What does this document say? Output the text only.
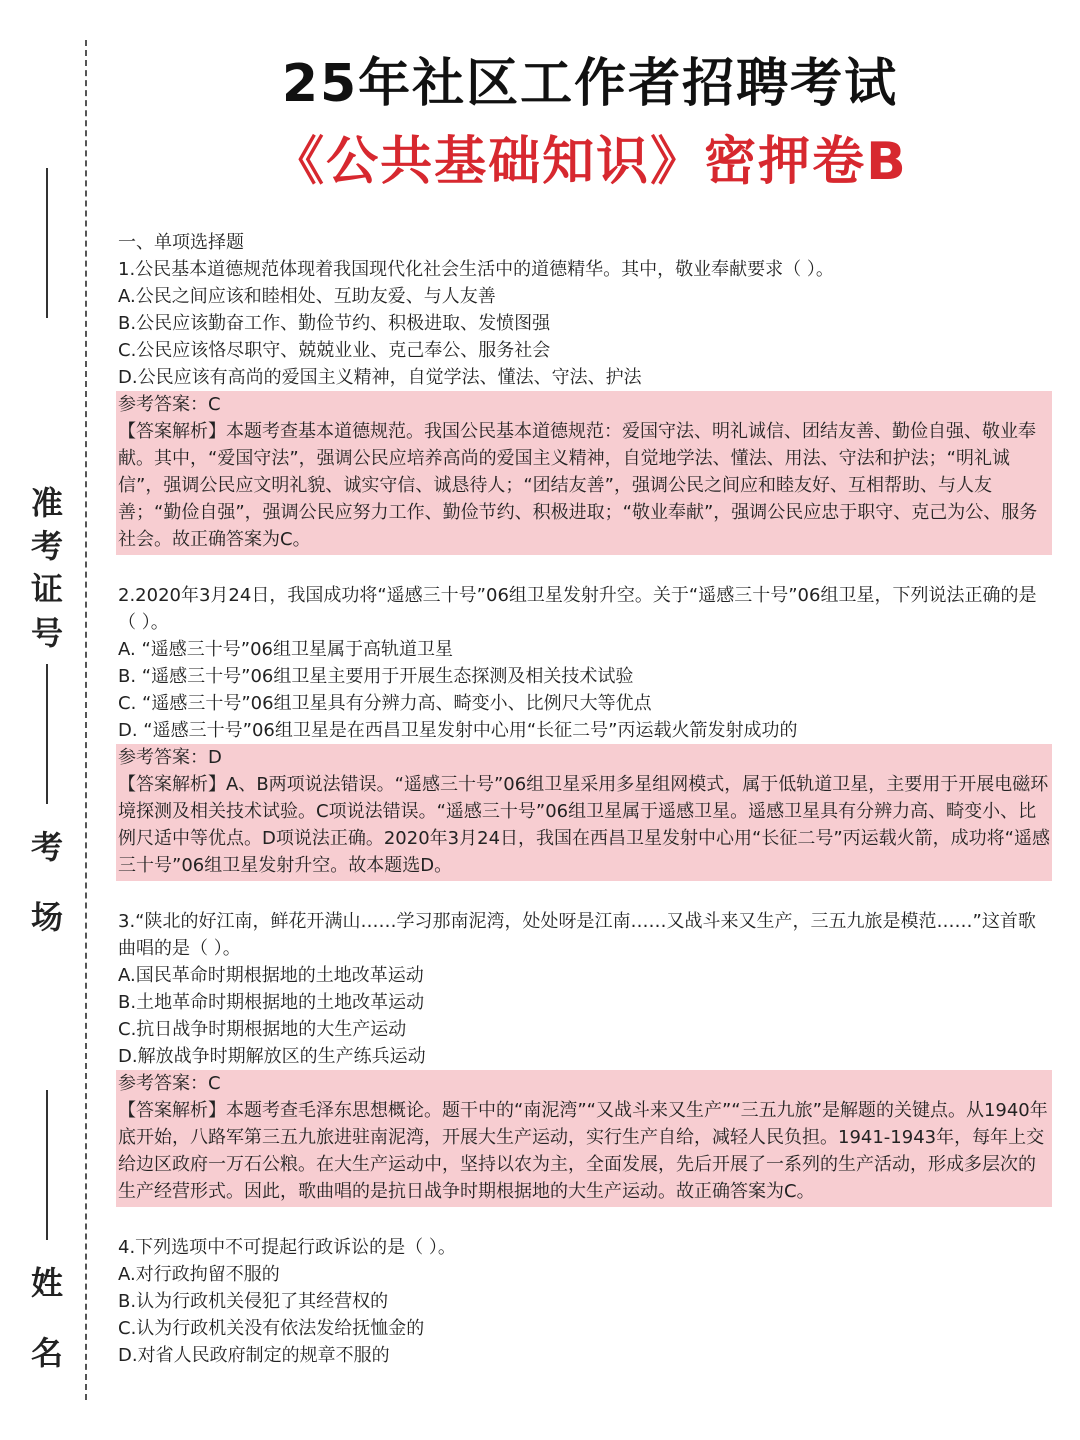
准考证号
考场
姓名
25年社区工作者招聘考试
《公共基础知识》密押卷B
一、单项选择题
1.公民基本道德规范体现着我国现代化社会生活中的道德精华。其中，敬业奉献要求（ ）。
A.公民之间应该和睦相处、互助友爱、与人友善
B.公民应该勤奋工作、勤俭节约、积极进取、发愤图强
C.公民应该恪尽职守、兢兢业业、克己奉公、服务社会
D.公民应该有高尚的爱国主义精神，自觉学法、懂法、守法、护法
参考答案：C
【答案解析】本题考查基本道德规范。我国公民基本道德规范：爱国守法、明礼诚信、团结友善、勤俭自强、敬业奉献。其中，“爱国守法”，强调公民应培养高尚的爱国主义精神，自觉地学法、懂法、用法、守法和护法；“明礼诚信”，强调公民应文明礼貌、诚实守信、诚恳待人；“团结友善”，强调公民之间应和睦友好、互相帮助、与人友善；“勤俭自强”，强调公民应努力工作、勤俭节约、积极进取；“敬业奉献”，强调公民应忠于职守、克己为公、服务社会。故正确答案为C。
2.2020年3月24日，我国成功将“遥感三十号”06组卫星发射升空。关于“遥感三十号”06组卫星，下列说法正确的是（ ）。
A. “遥感三十号”06组卫星属于高轨道卫星
B. “遥感三十号”06组卫星主要用于开展生态探测及相关技术试验
C. “遥感三十号”06组卫星具有分辨力高、畸变小、比例尺大等优点
D. “遥感三十号”06组卫星是在西昌卫星发射中心用“长征二号”丙运载火箭发射成功的
参考答案：D
【答案解析】A、B两项说法错误。“遥感三十号”06组卫星采用多星组网模式，属于低轨道卫星，主要用于开展电磁环境探测及相关技术试验。C项说法错误。“遥感三十号”06组卫星属于遥感卫星。遥感卫星具有分辨力高、畸变小、比例尺适中等优点。D项说法正确。2020年3月24日，我国在西昌卫星发射中心用“长征二号”丙运载火箭，成功将“遥感三十号”06组卫星发射升空。故本题选D。
3.“陕北的好江南，鲜花开满山……学习那南泥湾，处处呀是江南……又战斗来又生产，三五九旅是模范……”这首歌曲唱的是（ ）。
A.国民革命时期根据地的土地改革运动
B.土地革命时期根据地的土地改革运动
C.抗日战争时期根据地的大生产运动
D.解放战争时期解放区的生产练兵运动
参考答案：C
【答案解析】本题考查毛泽东思想概论。题干中的“南泥湾”“又战斗来又生产”“三五九旅”是解题的关键点。从1940年底开始，八路军第三五九旅进驻南泥湾，开展大生产运动，实行生产自给，减轻人民负担。1941-1943年，每年上交给边区政府一万石公粮。在大生产运动中，坚持以农为主，全面发展，先后开展了一系列的生产活动，形成多层次的生产经营形式。因此，歌曲唱的是抗日战争时期根据地的大生产运动。故正确答案为C。
4.下列选项中不可提起行政诉讼的是（ ）。
A.对行政拘留不服的
B.认为行政机关侵犯了其经营权的
C.认为行政机关没有依法发给抚恤金的
D.对省人民政府制定的规章不服的
